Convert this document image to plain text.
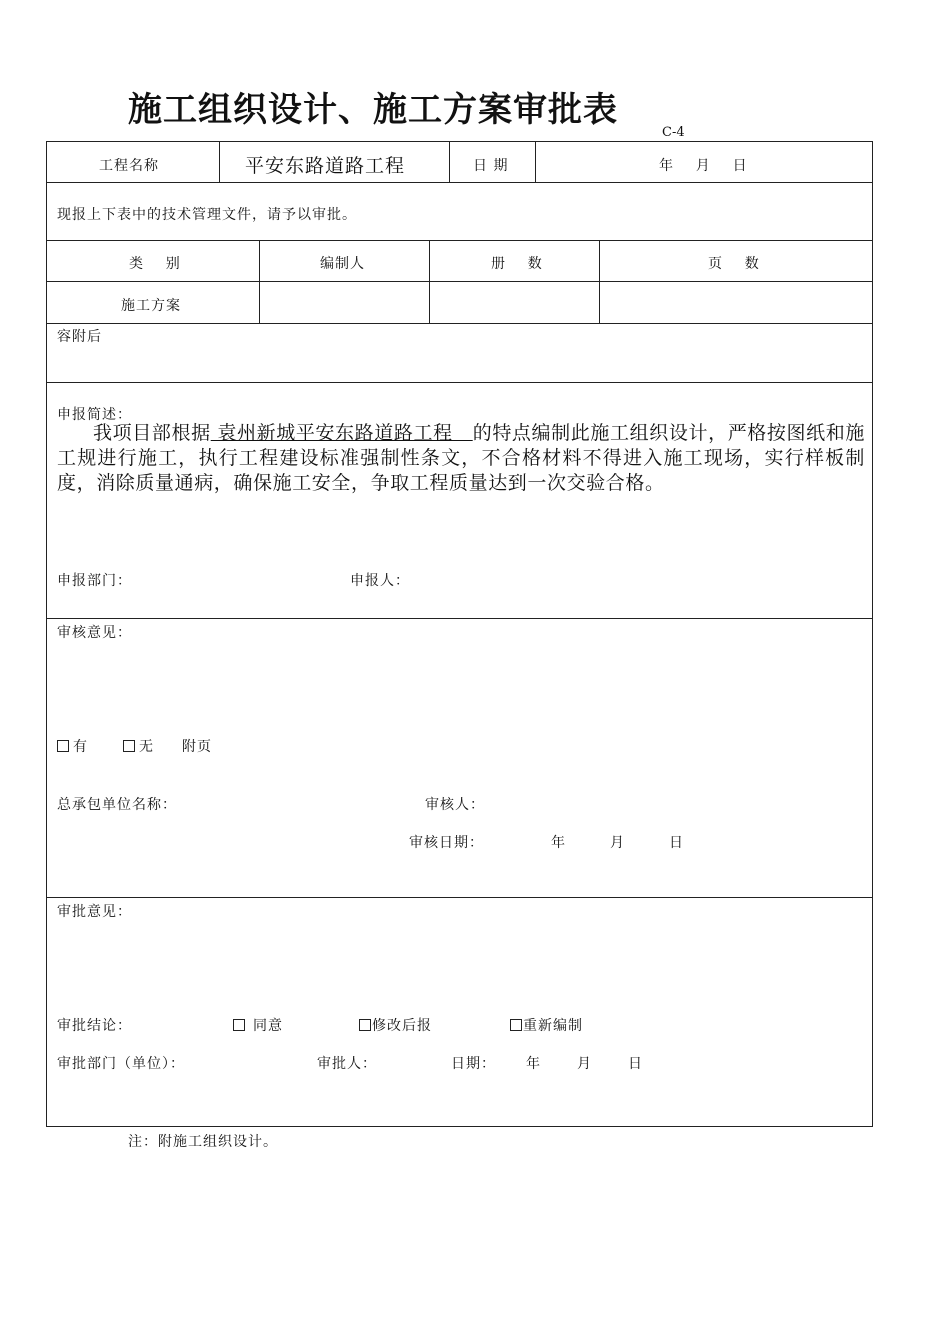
施工组织设计、施工方案审批表
C-4
工程名称	平安东路道路工程	日 期	年    月    日
现报上下表中的技术管理文件，请予以审批。
类    别	编制人	册    数	页    数
施工方案
容附后
申报简述：
我项目部根据 袁州新城平安东路道路工程   的特点编制此施工组织设计，严格按图纸和施工规进行施工，执行工程建设标准强制性条文，不合格材料不得进入施工现场，实行样板制度，消除质量通病，确保施工安全，争取工程质量达到一次交验合格。
申报部门：	申报人：
审核意见：
有	无 附页
总承包单位名称：	审核人：
审核日期：	年	月	日
审批意见：
审批结论：	同意	修改后报	重新编制
审批部门（单位）：	审批人：	日期： 年	月	日
注：附施工组织设计。
